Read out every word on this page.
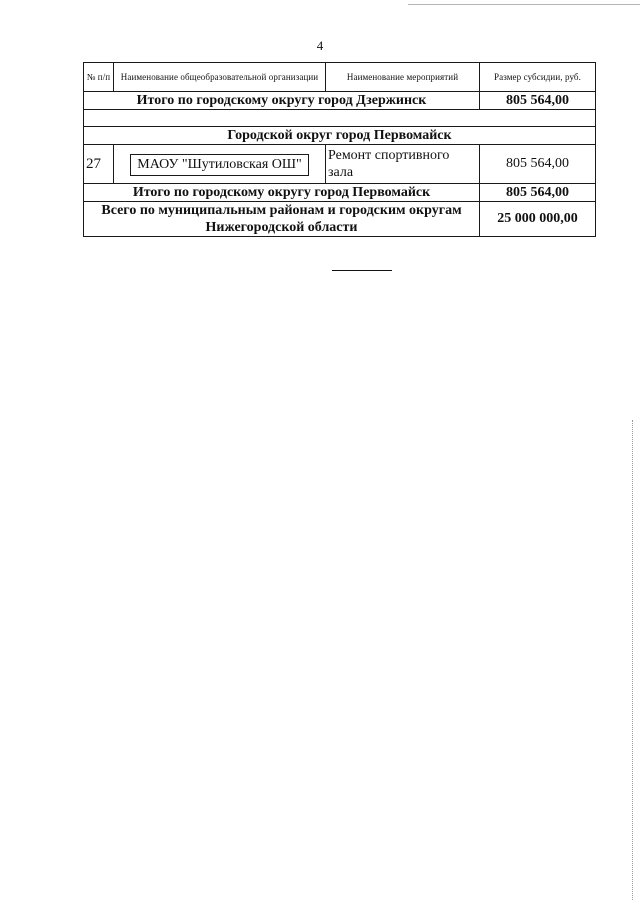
4
№ п/п	Наименование общеобразовательной организации	Наименование мероприятий	Размер субсидии, руб.
Итого по городскому округу город Дзержинск			805 564,00

Городской округ город Первомайск			
27	МАОУ "Шутиловская ОШ"	Ремонт спортивного зала	805 564,00
Итого по городскому округу город Первомайск			805 564,00
Всего по муниципальным районам и городским округам Нижегородской области			25 000 000,00
